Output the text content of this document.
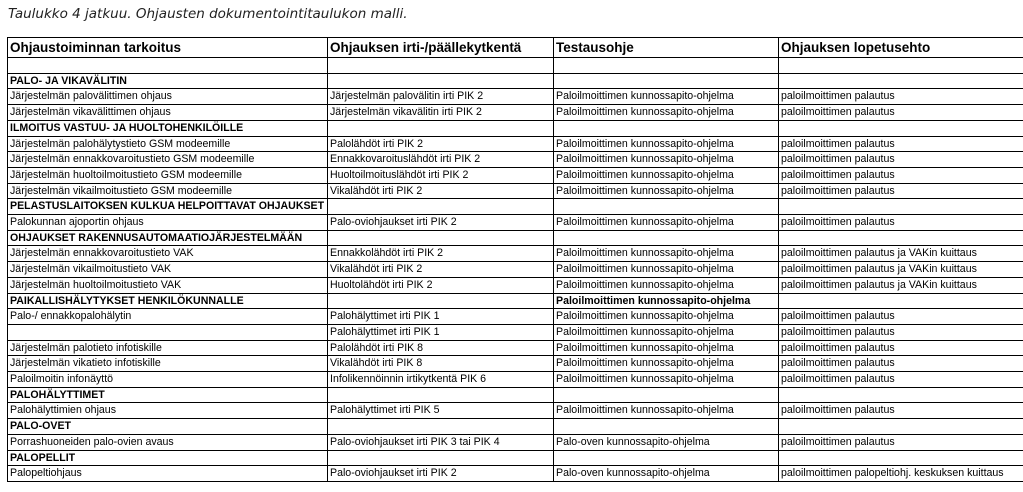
Taulukko 4 jatkuu. Ohjausten dokumentointitaulukon malli.
Ohjaustoiminnan tarkoitus	Ohjauksen irti-/päällekytkentä	Testausohje	Ohjauksen lopetusehto

PALO- JA VIKAVÄLITIN			
Järjestelmän palovälittimen ohjaus	Järjestelmän palovälitin irti PIK 2	Paloilmoittimen kunnossapito-ohjelma	paloilmoittimen palautus
Järjestelmän vikavälittimen ohjaus	Järjestelmän vikavälitin irti PIK 2	Paloilmoittimen kunnossapito-ohjelma	paloilmoittimen palautus
ILMOITUS VASTUU- JA HUOLTOHENKILÖILLE			
Järjestelmän palohälytystieto GSM modeemille	Palolähdöt irti PIK 2	Paloilmoittimen kunnossapito-ohjelma	paloilmoittimen palautus
Järjestelmän ennakkovaroitustieto GSM modeemille	Ennakkovaroituslähdöt irti PIK 2	Paloilmoittimen kunnossapito-ohjelma	paloilmoittimen palautus
Järjestelmän huoltoilmoitustieto GSM modeemille	Huoltoilmoituslähdöt irti PIK 2	Paloilmoittimen kunnossapito-ohjelma	paloilmoittimen palautus
Järjestelmän vikailmoitustieto GSM modeemille	Vikalähdöt irti PIK 2	Paloilmoittimen kunnossapito-ohjelma	paloilmoittimen palautus
PELASTUSLAITOKSEN KULKUA HELPOITTAVAT OHJAUKSET			
Palokunnan ajoportin ohjaus	Palo-oviohjaukset irti PIK 2	Paloilmoittimen kunnossapito-ohjelma	paloilmoittimen palautus
OHJAUKSET RAKENNUSAUTOMAATIOJÄRJESTELMÄÄN			
Järjestelmän ennakkovaroitustieto VAK	Ennakkolähdöt irti PIK 2	Paloilmoittimen kunnossapito-ohjelma	paloilmoittimen palautus ja VAKin kuittaus
Järjestelmän vikailmoitustieto VAK	Vikalähdöt irti PIK 2	Paloilmoittimen kunnossapito-ohjelma	paloilmoittimen palautus ja VAKin kuittaus
Järjestelmän huoltoilmoitustieto VAK	Huoltolähdöt irti PIK 2	Paloilmoittimen kunnossapito-ohjelma	paloilmoittimen palautus ja VAKin kuittaus
PAIKALLISHÄLYTYKSET HENKILÖKUNNALLE		Paloilmoittimen kunnossapito-ohjelma	
Palo-/ ennakkopalohälytin	Palohälyttimet irti PIK 1	Paloilmoittimen kunnossapito-ohjelma	paloilmoittimen palautus
	Palohälyttimet irti PIK 1	Paloilmoittimen kunnossapito-ohjelma	paloilmoittimen palautus
Järjestelmän palotieto infotiskille	Palolähdöt irti PIK 8	Paloilmoittimen kunnossapito-ohjelma	paloilmoittimen palautus
Järjestelmän vikatieto infotiskille	Vikalähdöt irti PIK 8	Paloilmoittimen kunnossapito-ohjelma	paloilmoittimen palautus
Paloilmoitin infonäyttö	Infolikennöinnin irtikytkentä PIK 6	Paloilmoittimen kunnossapito-ohjelma	paloilmoittimen palautus
PALOHÄLYTTIMET			
Palohälyttimien ohjaus	Palohälyttimet irti PIK 5	Paloilmoittimen kunnossapito-ohjelma	paloilmoittimen palautus
PALO-OVET			
Porrashuoneiden palo-ovien avaus	Palo-oviohjaukset irti PIK 3 tai PIK 4	Palo-oven kunnossapito-ohjelma	paloilmoittimen palautus
PALOPELLIT			
Palopeltiohjaus	Palo-oviohjaukset irti PIK 2	Palo-oven kunnossapito-ohjelma	paloilmoittimen palopeltiohj. keskuksen kuittaus
